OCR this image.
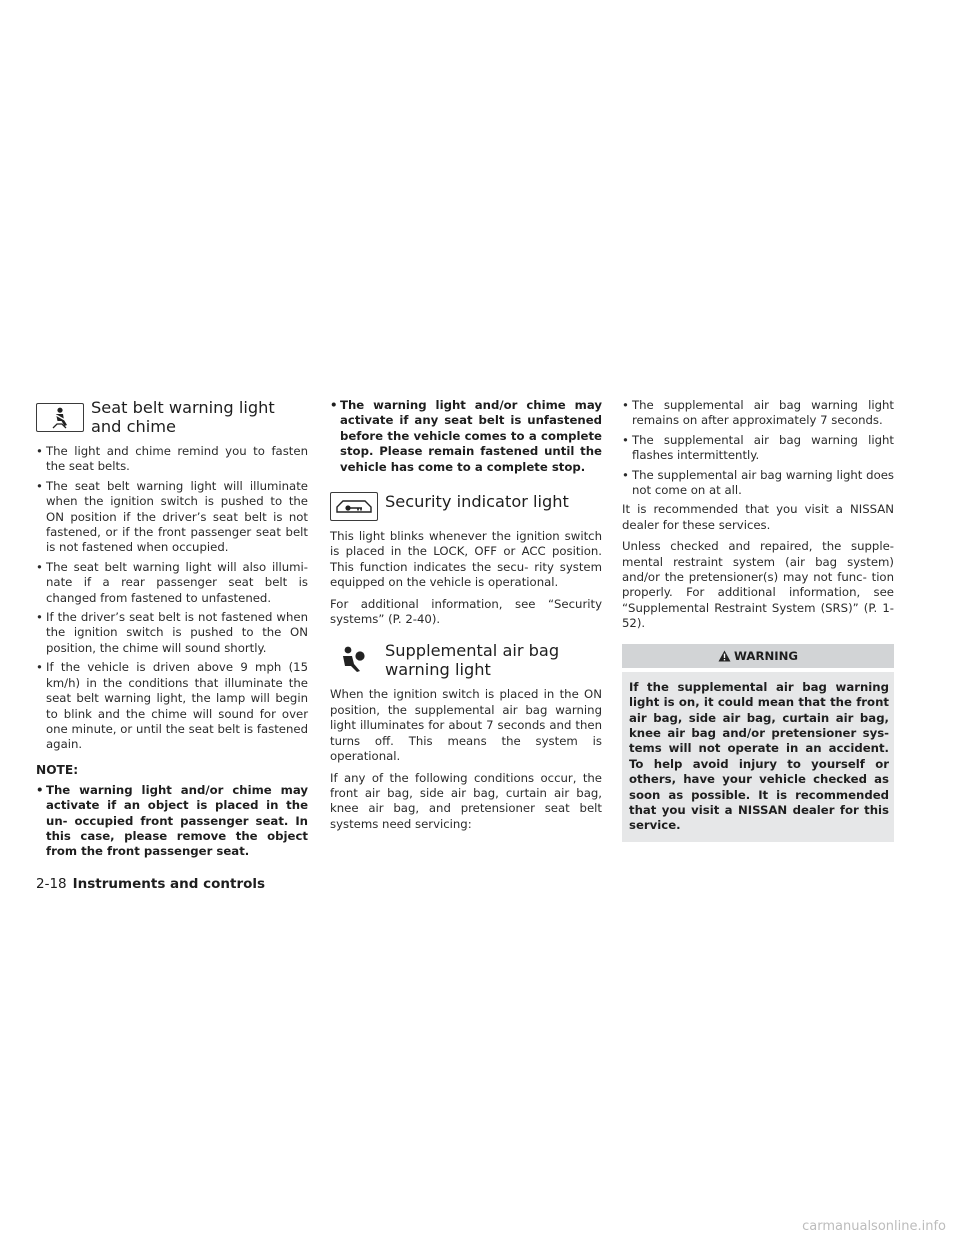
Seat belt warning light and chime
• The light and chime remind you to fasten the seat belts.
• The seat belt warning light will illuminate when the ignition switch is pushed to the ON position if the driver’s seat belt is not fastened, or if the front passenger seat belt is not fastened when occupied.
• The seat belt warning light will also illumi- nate if a rear passenger seat belt is changed from fastened to unfastened.
• If the driver’s seat belt is not fastened when the ignition switch is pushed to the ON position, the chime will sound shortly.
• If the vehicle is driven above 9 mph (15 km/h) in the conditions that illuminate the seat belt warning light, the lamp will begin to blink and the chime will sound for over one minute, or until the seat belt is fastened again.
NOTE:
• The warning light and/or chime may activate if an object is placed in the un- occupied front passenger seat. In this case, please remove the object from the front passenger seat.
• The warning light and/or chime may activate if any seat belt is unfastened before the vehicle comes to a complete stop. Please remain fastened until the vehicle has come to a complete stop.
Security indicator light

This light blinks whenever the ignition switch is placed in the LOCK, OFF or ACC position. This function indicates the secu- rity system equipped on the vehicle is operational.

For additional information, see “Security systems” (P. 2-40).

Supplemental air bag warning light

When the ignition switch is placed in the ON position, the supplemental air bag warning light illuminates for about 7 seconds and then turns off. This means the system is operational.

If any of the following conditions occur, the front air bag, side air bag, curtain air bag, knee air bag, and pretensioner seat belt systems need servicing:

• The supplemental air bag warning light remains on after approximately 7 seconds.
• The supplemental air bag warning light flashes intermittently.
• The supplemental air bag warning light does not come on at all.

It is recommended that you visit a NISSAN dealer for these services.

Unless checked and repaired, the supple- mental restraint system (air bag system) and/or the pretensioner(s) may not func- tion properly. For additional information, see “Supplemental Restraint System (SRS)” (P. 1-52).

WARNING
If the supplemental air bag warning light is on, it could mean that the front air bag, side air bag, curtain air bag, knee air bag and/or pretensioner sys- tems will not operate in an accident. To help avoid injury to yourself or others, have your vehicle checked as soon as possible. It is recommended that you visit a NISSAN dealer for this service.
2-18 Instruments and controls
carmanualsonline.info
